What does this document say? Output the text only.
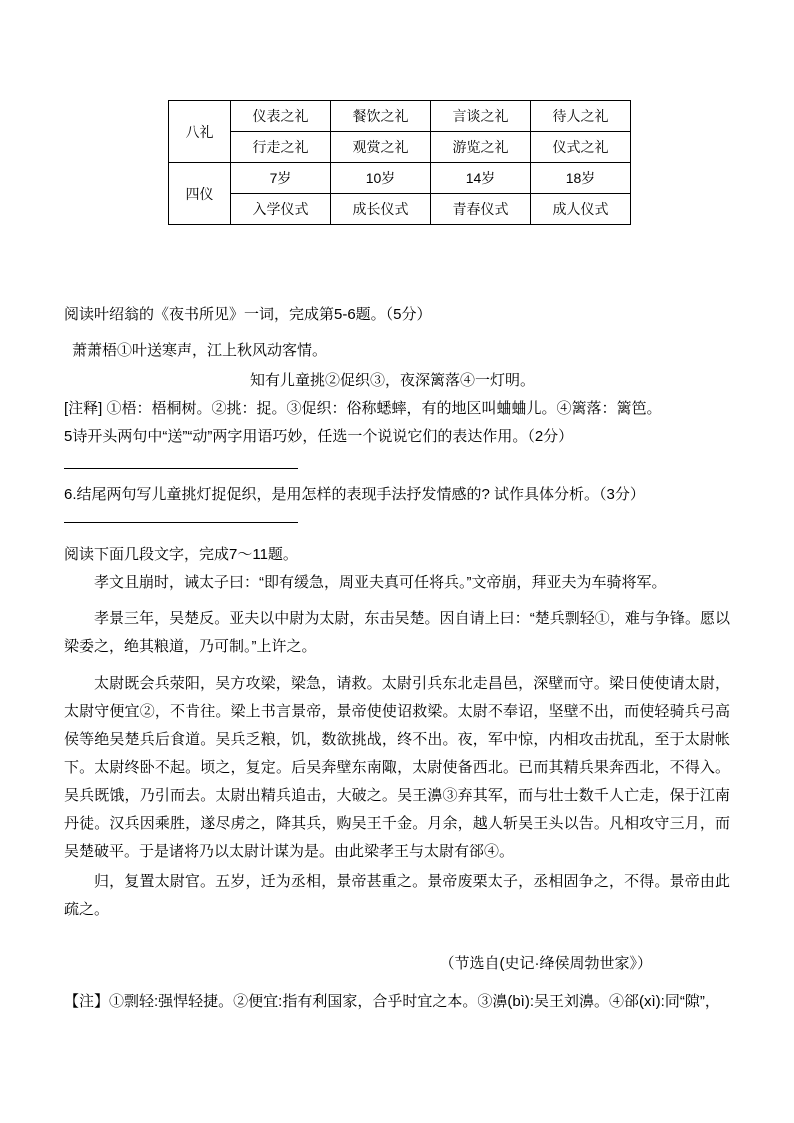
八礼	仪表之礼	餐饮之礼	言谈之礼	待人之礼
	行走之礼	观赏之礼	游览之礼	仪式之礼
四仪	7岁	10岁	14岁	18岁
	入学仪式	成长仪式	青春仪式	成人仪式

阅读叶绍翁的《夜书所见》一词，完成第5-6题。（5分）

萧萧梧①叶送寒声，江上秋风动客情。

知有儿童挑②促织③，夜深篱落④一灯明。

[注释] ①梧：梧桐树。②挑：捉。③促织：俗称蟋蟀，有的地区叫蛐蛐儿。④篱落：篱笆。

5诗开头两句中“送”“动”两字用语巧妙，任选一个说说它们的表达作用。（2分）

6.结尾两句写儿童挑灯捉促织，是用怎样的表现手法抒发情感的? 试作具体分析。（3分）

阅读下面几段文字，完成7～11题。

孝文且崩时，诫太子曰：“即有缓急，周亚夫真可任将兵。”文帝崩，拜亚夫为车骑将军。

孝景三年，吴楚反。亚夫以中尉为太尉，东击吴楚。因自请上曰：“楚兵剽轻①，难与争锋。愿以梁委之，绝其粮道，乃可制。”上许之。

太尉既会兵荥阳，吴方攻梁，梁急，请救。太尉引兵东北走昌邑，深壁而守。梁日使使请太尉，太尉守便宜②，不肯往。梁上书言景帝，景帝使使诏救梁。太尉不奉诏，坚壁不出，而使轻骑兵弓高侯等绝吴楚兵后食道。吴兵乏粮，饥，数欲挑战，终不出。夜，军中惊，内相攻击扰乱，至于太尉帐下。太尉终卧不起。顷之，复定。后吴奔壁东南陬，太尉使备西北。已而其精兵果奔西北，不得入。吴兵既饿，乃引而去。太尉出精兵追击，大破之。吴王濞③弃其军，而与壮士数千人亡走，保于江南丹徒。汉兵因乘胜，遂尽虏之，降其兵，购吴王千金。月余，越人斩吴王头以告。凡相攻守三月，而吴楚破平。于是诸将乃以太尉计谋为是。由此梁孝王与太尉有郤④。

归，复置太尉官。五岁，迁为丞相，景帝甚重之。景帝废栗太子，丞相固争之，不得。景帝由此疏之。

（节选自(史记·绛侯周勃世家》）

【注】①剽轻:强悍轻捷。②便宜:指有利国家，合乎时宜之本。③濞(bì):吴王刘濞。④郤(xì):同“隙”，
